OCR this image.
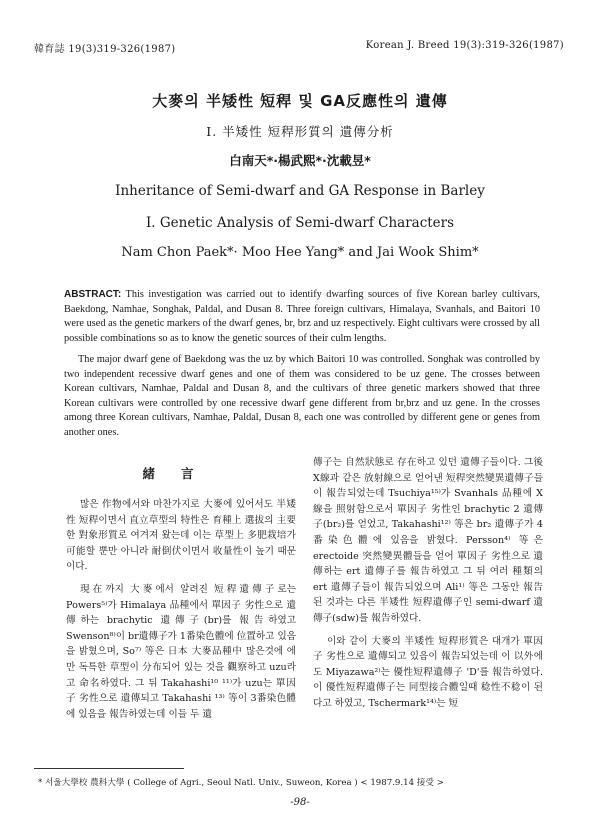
韓育誌 19(3)319-326(1987)	Korean J. Breed 19(3):319-326(1987)
大麥의 半矮性 短稈 및 GA反應性의 遺傳
I. 半矮性 短稈形質의 遺傳分析
白南天*·楊武熙*·沈載昱*
Inheritance of Semi-dwarf and GA Response in Barley
I. Genetic Analysis of Semi-dwarf Characters
Nam Chon Paek*· Moo Hee Yang* and Jai Wook Shim*
ABSTRACT: This investigation was carried out to identify dwarfing sources of five Korean barley cultivars, Baekdong, Namhae, Songhak, Paldal, and Dusan 8. Three foreign cultivars, Himalaya, Svanhals, and Baitori 10 were used as the genetic markers of the dwarf genes, br, brz and uz respectively. Eight cultivars were crossed by all possible combinations so as to know the genetic sources of their culm lengths.
The major dwarf gene of Baekdong was the uz by which Baitori 10 was controlled. Songhak was controlled by two independent recessive dwarf genes and one of them was considered to be uz gene. The crosses between Korean cultivars, Namhae, Paldal and Dusan 8, and the cultivars of three genetic markers showed that three Korean cultivars were controlled by one recessive dwarf gene different from br,brz and uz gene. In the crosses among three Korean cultivars, Namhae, Paldal, Dusan 8, each one was controlled by different gene or genes from another ones.
緒言

많은 作物에서와 마찬가지로 大麥에 있어서도 半矮性 短稈이면서 直立草型의 特性은 育種上 選拔의 主要한 對象形質로 여겨져 왔는데 이는 草型上 多肥栽培가 可能할 뿐만 아니라 耐倒伏이면서 收量性이 높기 때문이다.

現在까지 大麥에서 알려진 短稈遺傳子로는 Powers⁵⁾가 Himalaya 品種에서 單因子 劣性으로 遺傳하는 brachytic 遺傳子(br)를 報告하였고 Swenson⁸⁾이 br遺傳子가 1番染色體에 位置하고 있음을 밝혔으며, So⁷⁾ 等은 日本 大麥品種中 많은것에 에만 독특한 草型이 分布되어 있는 것을 觀察하고 uzu라고 命名하였다. 그 뒤 Takahashi¹⁰ ¹¹⁾가 uzu는 單因子 劣性으로 遺傳되고 Takahashi ¹³⁾ 等이 3番染色體에 있음을 報告하였는데 이들 두 遺

傳子는 自然狀態로 存在하고 있던 遺傳子들이다. 그後 X線과 같은 放射線으로 얻어낸 短稈突然變異遺傳子들이 報告되었는데 Tsuchiya¹⁵⁾가 Svanhals 品種에 X線을 照射함으로서 單因子 劣性인 brachytic 2 遺傳子(br₂)를 얻었고, Takahashi¹²⁾ 等은 br₂ 遺傳子가 4番染色體에 있음을 밝혔다. Persson⁴⁾ 等은 erectoide 突然變異體들을 얻어 單因子 劣性으로 遺傳하는 ert 遺傳子를 報告하였고 그 뒤 여러 種類의 ert 遺傳子들이 報告되었으며 Ali¹⁾ 等은 그동안 報告된 것과는 다른 半矮性 短稈遺傳子인 semi-dwarf 遺傳子(sdw)를 報告하였다.

이와 같이 大麥의 半矮性 短稈形質은 대개가 單因子 劣性으로 遺傳되고 있음이 報告되었는데 이 以外에도 Miyazawa²⁾는 優性短稈遺傳子 'D'를 報告하였다. 이 優性短稈遺傳子는 同型接合體일때 稔性不稔이 된다고 하였고, Tschermark¹⁴⁾는 短

* 서울大學校 農科大學 ( College of Agri., Seoul Natl. Univ., Suweon, Korea ) < 1987.9.14 接受 >
-98-
